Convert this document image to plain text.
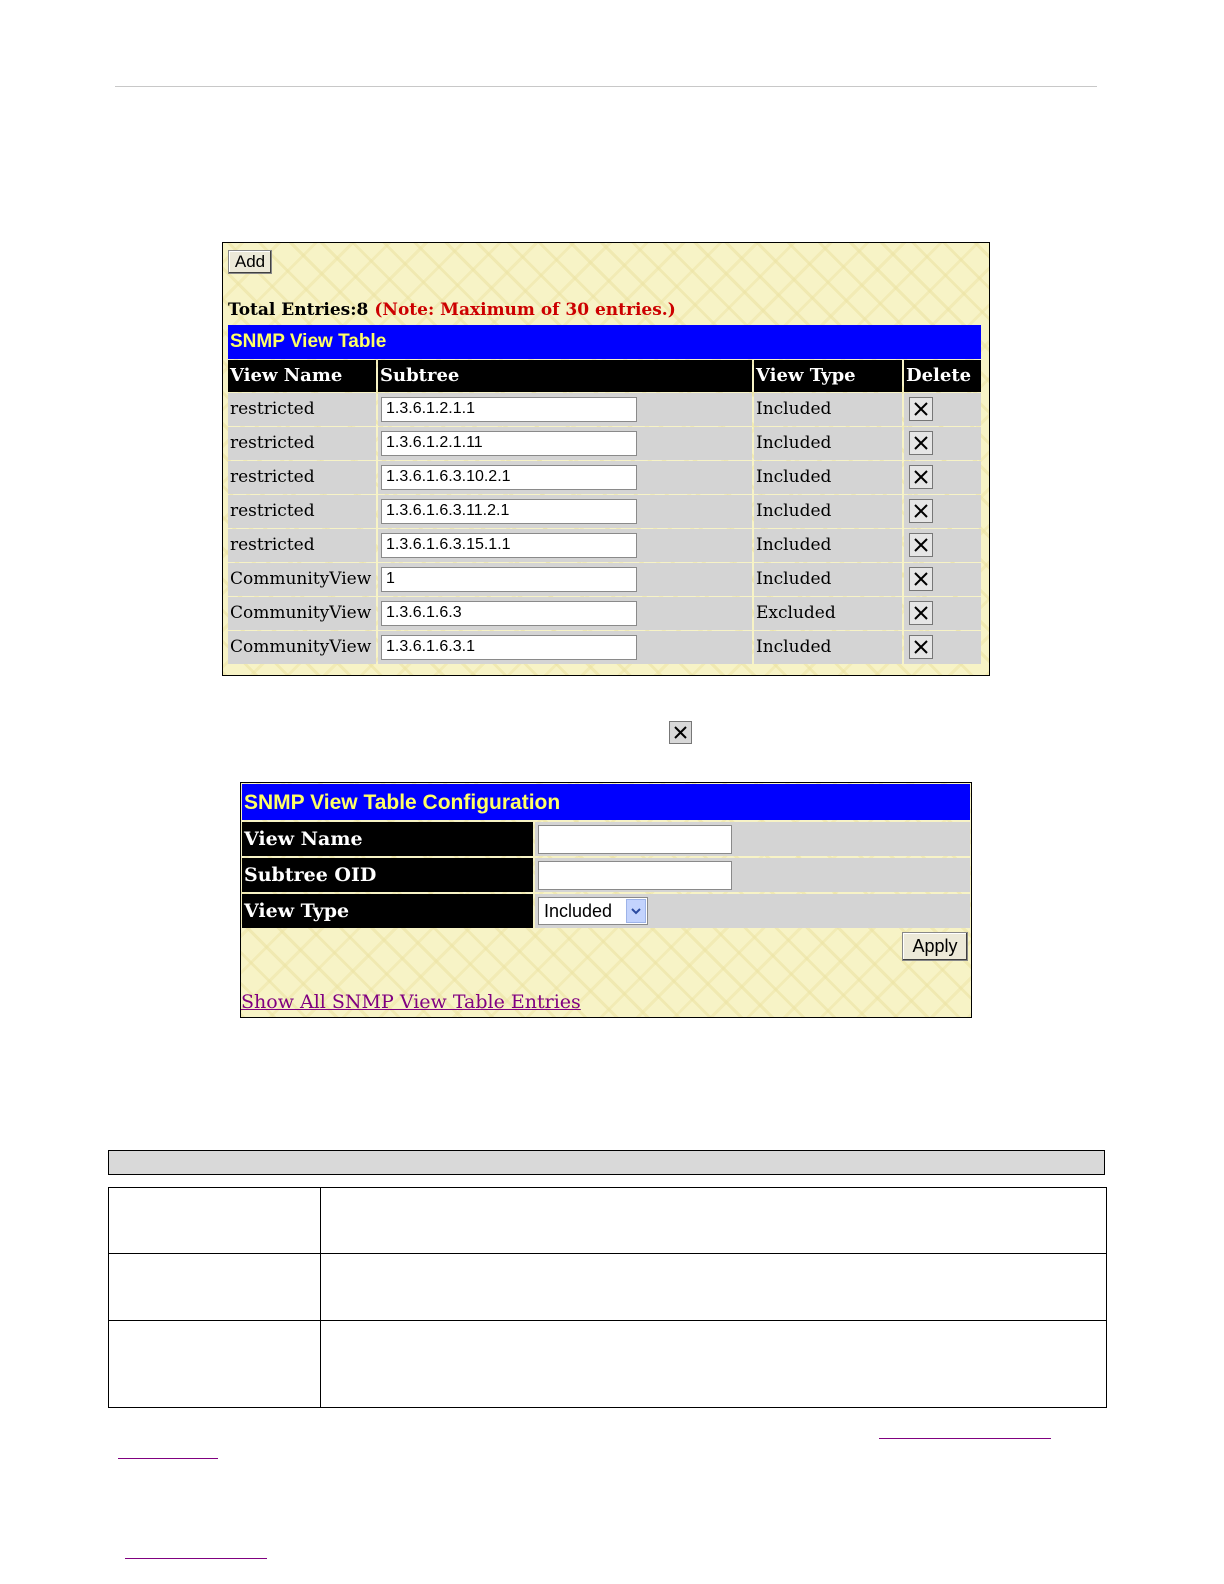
Add
Total Entries:8 (Note: Maximum of 30 entries.)
SNMP View Table
View Name	Subtree	View Type	Delete
restricted	1.3.6.1.2.1.1	Included
restricted	1.3.6.1.2.1.11	Included
restricted	1.3.6.1.6.3.10.2.1	Included
restricted	1.3.6.1.6.3.11.2.1	Included
restricted	1.3.6.1.6.3.15.1.1	Included
CommunityView 1	Included
CommunityView 1.3.6.1.6.3	Excluded
CommunityView 1.3.6.1.6.3.1	Included
SNMP View Table Configuration
View Name
Subtree OID
View Type	Included
Apply
Show All SNMP View Table Entries
